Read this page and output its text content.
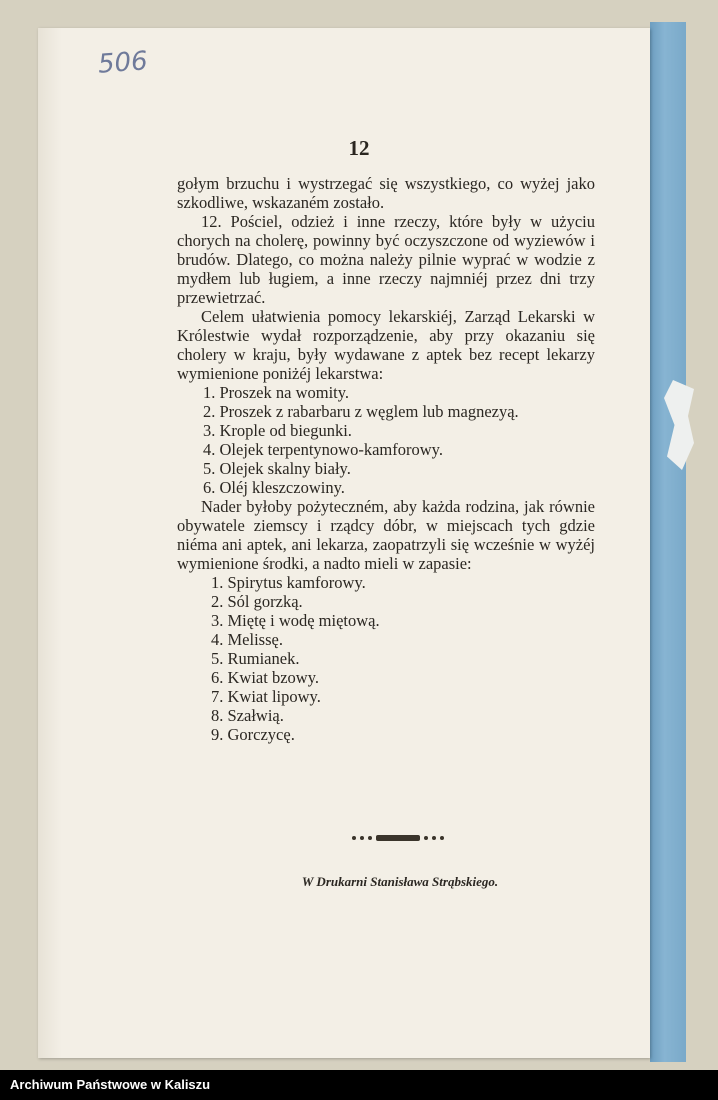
506
12

gołym brzuchu i wystrzegać się wszystkiego, co wyżej jako szkodliwe, wskazaném zostało.

12. Pościel, odzież i inne rzeczy, które były w użyciu chorych na cholerę, powinny być oczyszczone od wyziewów i brudów. Dlatego, co można należy pilnie wyprać w wodzie z mydłem lub ługiem, a inne rzeczy najmniéj przez dni trzy przewietrzać.

Celem ułatwienia pomocy lekarskiéj, Zarząd Lekarski w Królestwie wydał rozporządzenie, aby przy okazaniu się cholery w kraju, były wydawane z aptek bez recept lekarzy wymienione poniżéj lekarstwa:

1. Proszek na womity.
2. Proszek z rabarbaru z węglem lub magnezyą.
3. Krople od biegunki.
4. Olejek terpentynowo-kamforowy.
5. Olejek skalny biały.
6. Oléj kleszczowiny.

Nader byłoby pożyteczném, aby każda rodzina, jak równie obywatele ziemscy i rządcy dóbr, w miejscach tych gdzie niéma ani aptek, ani lekarza, zaopatrzyli się wcześnie w wyżéj wymienione środki, a nadto mieli w zapasie:

1. Spirytus kamforowy.
2. Sól gorzką.
3. Miętę i wodę miętową.
4. Melissę.
5. Rumianek.
6. Kwiat bzowy.
7. Kwiat lipowy.
8. Szałwią.
9. Gorczycę.
W Drukarni Stanisława Strąbskiego.
Archiwum Państwowe w Kaliszu
